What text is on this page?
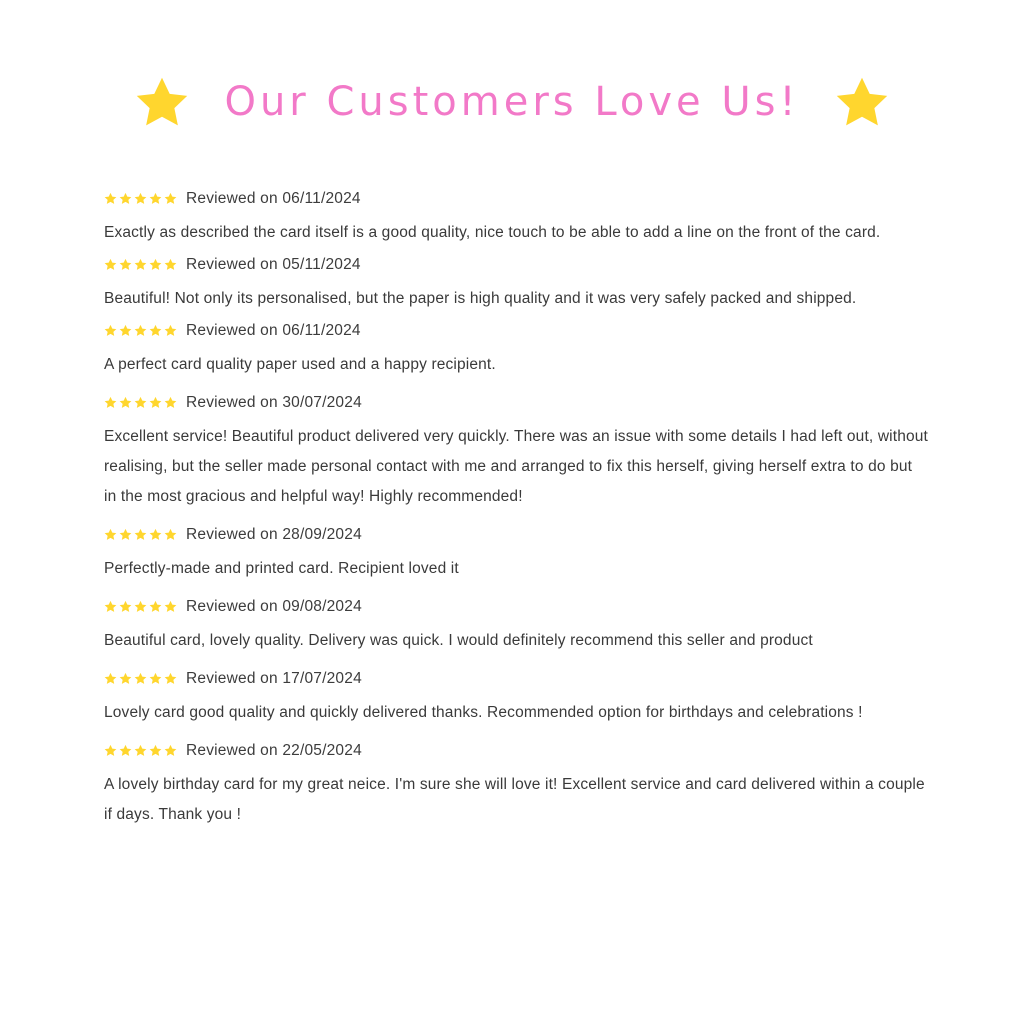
Our Customers Love Us!
Reviewed on 06/11/2024

Exactly as described the card itself is a good quality, nice touch to be able to add a line on the front of the card.

Reviewed on 05/11/2024

Beautiful! Not only its personalised, but the paper is high quality and it was very safely packed and shipped.

Reviewed on 06/11/2024

A perfect card quality paper used and a happy recipient.

Reviewed on 30/07/2024

Excellent service! Beautiful product delivered very quickly. There was an issue with some details I had left out, without realising, but the seller made personal contact with me and arranged to fix this herself, giving herself extra to do but in the most gracious and helpful way! Highly recommended!

Reviewed on 28/09/2024

Perfectly-made and printed card. Recipient loved it

Reviewed on 09/08/2024

Beautiful card, lovely quality. Delivery was quick. I would definitely recommend this seller and product

Reviewed on 17/07/2024

Lovely card good quality and quickly delivered thanks. Recommended option for birthdays and celebrations !

Reviewed on 22/05/2024

A lovely birthday card for my great neice. I'm sure she will love it! Excellent service and card delivered within a couple if days. Thank you !
